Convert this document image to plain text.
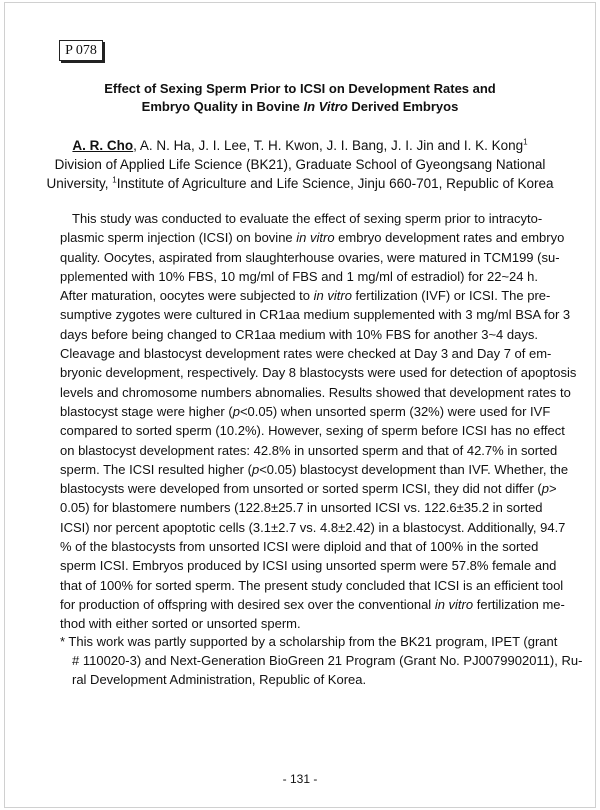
P 078
Effect of Sexing Sperm Prior to ICSI on Development Rates and
Embryo Quality in Bovine In Vitro Derived Embryos
A. R. Cho, A. N. Ha, J. I. Lee, T. H. Kwon, J. I. Bang, J. I. Jin and I. K. Kong$^1$
Division of Applied Life Science (BK21), Graduate School of Gyeongsang National
University, $^1$Institute of Agriculture and Life Science, Jinju 660-701, Republic of Korea
This study was conducted to evaluate the effect of sexing sperm prior to intracyto-
plasmic sperm injection (ICSI) on bovine in vitro embryo development rates and embryo
quality. Oocytes, aspirated from slaughterhouse ovaries, were matured in TCM199 (su-
pplemented with 10% FBS, 10 mg/ml of FBS and 1 mg/ml of estradiol) for 22~24 h.
After maturation, oocytes were subjected to in vitro fertilization (IVF) or ICSI. The pre-
sumptive zygotes were cultured in CR1aa medium supplemented with 3 mg/ml BSA for 3
days before being changed to CR1aa medium with 10% FBS for another 3~4 days.
Cleavage and blastocyst development rates were checked at Day 3 and Day 7 of em-
bryonic development, respectively. Day 8 blastocysts were used for detection of apoptosis
levels and chromosome numbers abnomalies. Results showed that development rates to
blastocyst stage were higher (p<0.05) when unsorted sperm (32%) were used for IVF
compared to sorted sperm (10.2%). However, sexing of sperm before ICSI has no effect
on blastocyst development rates: 42.8% in unsorted sperm and that of 42.7% in sorted
sperm. The ICSI resulted higher (p<0.05) blastocyst development than IVF. Whether, the
blastocysts were developed from unsorted or sorted sperm ICSI, they did not differ (p>
0.05) for blastomere numbers (122.8±25.7 in unsorted ICSI vs. 122.6±35.2 in sorted
ICSI) nor percent apoptotic cells (3.1±2.7 vs. 4.8±2.42) in a blastocyst. Additionally, 94.7
% of the blastocysts from unsorted ICSI were diploid and that of 100% in the sorted
sperm ICSI. Embryos produced by ICSI using unsorted sperm were 57.8% female and
that of 100% for sorted sperm. The present study concluded that ICSI is an efficient tool
for production of offspring with desired sex over the conventional in vitro fertilization me-
thod with either sorted or unsorted sperm.
* This work was partly supported by a scholarship from the BK21 program, IPET (grant
# 110020-3) and Next-Generation BioGreen 21 Program (Grant No. PJ0079902011), Ru-
ral Development Administration, Republic of Korea.
- 131 -
